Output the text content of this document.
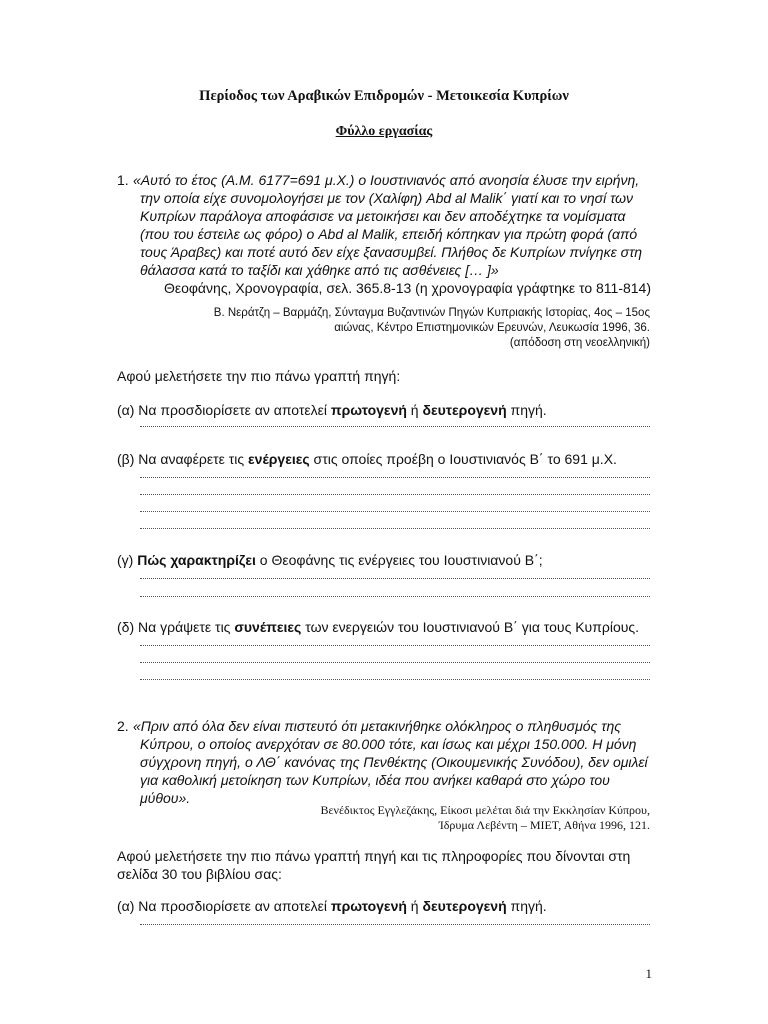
Περίοδος των Αραβικών Επιδρομών - Μετοικεσία Κυπρίων
Φύλλο εργασίας
1. «Αυτό το έτος (Α.Μ. 6177=691 μ.Χ.) ο Ιουστινιανός από ανοησία έλυσε την ειρήνη,
την οποία είχε συνομολογήσει με τον (Χαλίφη) Abd al Malik΄ γιατί και το νησί των
Κυπρίων παράλογα αποφάσισε να μετοικήσει και δεν αποδέχτηκε τα νομίσματα
(που του έστειλε ως φόρο) ο Abd al Malik, επειδή κόπηκαν για πρώτη φορά (από
τους Άραβες) και ποτέ αυτό δεν είχε ξανασυμβεί. Πλήθος δε Κυπρίων πνίγηκε στη
θάλασσα κατά το ταξίδι και χάθηκε από τις ασθένειες [… ]»
Θεοφάνης, Χρονογραφία, σελ. 365.8-13 (η χρονογραφία γράφτηκε το 811-814)
Β. Νεράτζη – Βαρμάζη, Σύνταγμα Βυζαντινών Πηγών Κυπριακής Ιστορίας, 4ος – 15ος
αιώνας, Κέντρο Επιστημονικών Ερευνών, Λευκωσία 1996, 36.
(απόδοση στη νεοελληνική)
Αφού μελετήσετε την πιο πάνω γραπτή πηγή:
(α) Να προσδιορίσετε αν αποτελεί πρωτογενή ή δευτερογενή πηγή.
(β) Να αναφέρετε τις ενέργειες στις οποίες προέβη ο Ιουστινιανός Β΄ το 691 μ.Χ.
(γ) Πώς χαρακτηρίζει ο Θεοφάνης τις ενέργειες του Ιουστινιανού Β΄;
(δ) Να γράψετε τις συνέπειες των ενεργειών του Ιουστινιανού Β΄ για τους Κυπρίους.
2. «Πριν από όλα δεν είναι πιστευτό ότι μετακινήθηκε ολόκληρος ο πληθυσμός της
Κύπρου, ο οποίος ανερχόταν σε 80.000 τότε, και ίσως και μέχρι 150.000. Η μόνη
σύγχρονη πηγή, ο ΛΘ΄ κανόνας της Πενθέκτης (Οικουμενικής Συνόδου), δεν ομιλεί
για καθολική μετοίκηση των Κυπρίων, ιδέα που ανήκει καθαρά στο χώρο του
μύθου».
Βενέδικτος Εγγλεζάκης, Είκοσι μελέται διά την Εκκλησίαν Κύπρου,
Ίδρυμα Λεβέντη – ΜΙΕΤ, Αθήνα 1996, 121.
Αφού μελετήσετε την πιο πάνω γραπτή πηγή και τις πληροφορίες που δίνονται στη
σελίδα 30 του βιβλίου σας:
(α) Να προσδιορίσετε αν αποτελεί πρωτογενή ή δευτερογενή πηγή.
1
